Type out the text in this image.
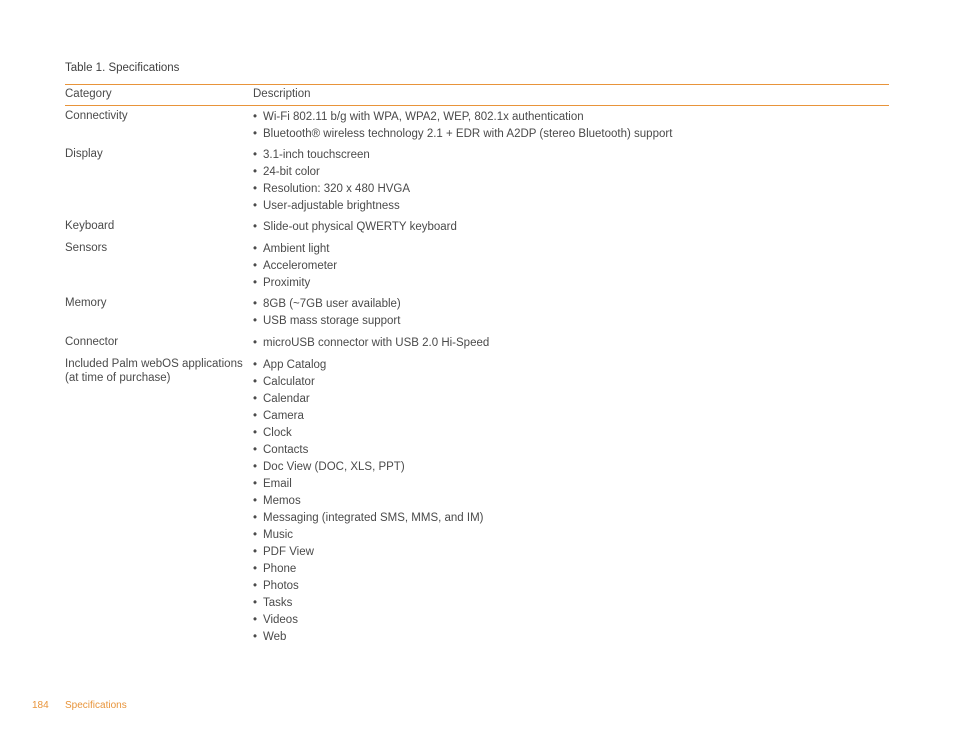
Table 1. Specifications
Category	Description
Connectivity	• Wi-Fi 802.11 b/g with WPA, WPA2, WEP, 802.1x authentication
• Bluetooth® wireless technology 2.1 + EDR with A2DP (stereo Bluetooth) support
Display	• 3.1-inch touchscreen
• 24-bit color
• Resolution: 320 x 480 HVGA
• User-adjustable brightness
Keyboard	• Slide-out physical QWERTY keyboard
Sensors	• Ambient light
• Accelerometer
• Proximity
Memory	• 8GB (~7GB user available)
• USB mass storage support
Connector	• microUSB connector with USB 2.0 Hi-Speed
Included Palm webOS applications (at time of purchase)
• App Catalog
• Calculator
• Calendar
• Camera
• Clock
• Contacts
• Doc View (DOC, XLS, PPT)
• Email
• Memos
• Messaging (integrated SMS, MMS, and IM)
• Music
• PDF View
• Phone
• Photos
• Tasks
• Videos
• Web
184 Specifications
